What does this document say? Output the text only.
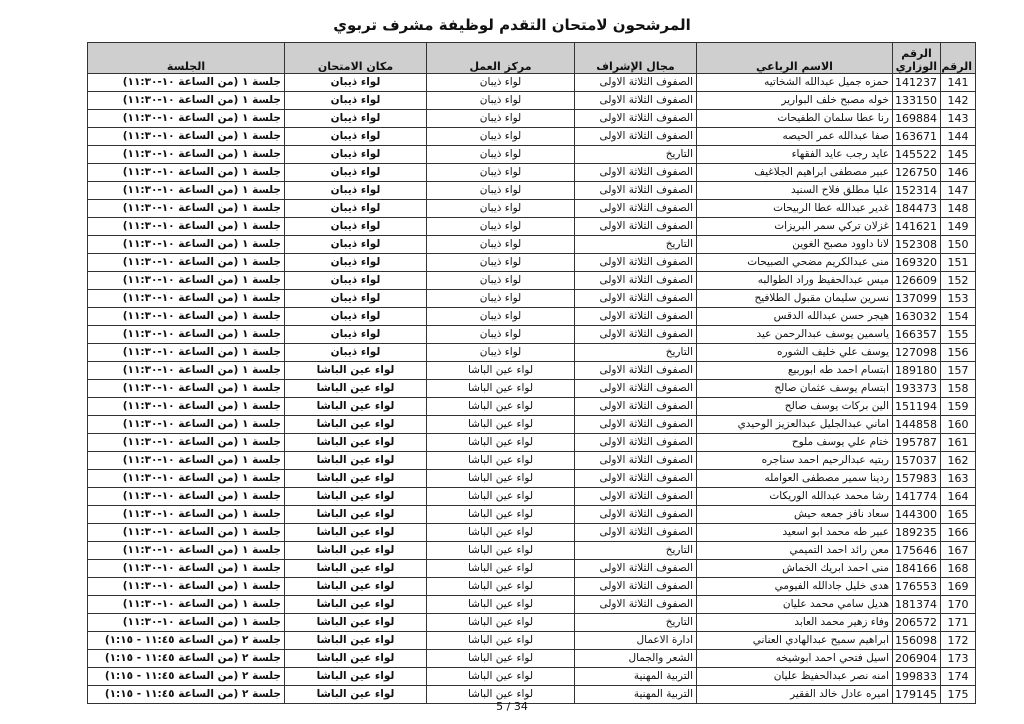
المرشحون لامتحان التقدم لوظيفة مشرف تربوي
الرقم	الرقم الوزاري	الاسم الرباعي	مجال الإشراف	مركز العمل	مكان الامتحان	الجلسة
141	141237	حمزه جميل عبدالله الشخاتيه	الصفوف الثلاثة الاولى	لواء ذيبان	لواء ذيبان	جلسة ١ (من الساعة ١٠-١١:٣٠)
142	133150	خوله مصبح خلف البوارير	الصفوف الثلاثة الاولى	لواء ذيبان	لواء ذيبان	جلسة ١ (من الساعة ١٠-١١:٣٠)
143	169884	رنا عطا سلمان الطفيحات	الصفوف الثلاثة الاولى	لواء ذيبان	لواء ذيبان	جلسة ١ (من الساعة ١٠-١١:٣٠)
144	163671	صفا عبدالله عمر الحيصه	الصفوف الثلاثة الاولى	لواء ذيبان	لواء ذيبان	جلسة ١ (من الساعة ١٠-١١:٣٠)
145	145522	عايد رجب عايد الفقهاء	التاريخ	لواء ذيبان	لواء ذيبان	جلسة ١ (من الساعة ١٠-١١:٣٠)
146	126750	عبير مصطفى ابراهيم الجلاغيف	الصفوف الثلاثة الاولى	لواء ذيبان	لواء ذيبان	جلسة ١ (من الساعة ١٠-١١:٣٠)
147	152314	عليا مطلق فلاح السنيد	الصفوف الثلاثة الاولى	لواء ذيبان	لواء ذيبان	جلسة ١ (من الساعة ١٠-١١:٣٠)
148	184473	غدير عبدالله عطا الربيحات	الصفوف الثلاثة الاولى	لواء ذيبان	لواء ذيبان	جلسة ١ (من الساعة ١٠-١١:٣٠)
149	141621	غزلان تركي سمر البريزات	الصفوف الثلاثة الاولى	لواء ذيبان	لواء ذيبان	جلسة ١ (من الساعة ١٠-١١:٣٠)
150	152308	لانا داوود مصبح الغوين	التاريخ	لواء ذيبان	لواء ذيبان	جلسة ١ (من الساعة ١٠-١١:٣٠)
151	169320	منى عبدالكريم مضحي الصبيحات	الصفوف الثلاثة الاولى	لواء ذيبان	لواء ذيبان	جلسة ١ (من الساعة ١٠-١١:٣٠)
152	126609	ميس عبدالحفيظ وراد الطوالبه	الصفوف الثلاثة الاولى	لواء ذيبان	لواء ذيبان	جلسة ١ (من الساعة ١٠-١١:٣٠)
153	137099	نسرين سليمان مقبول الطلافيح	الصفوف الثلاثة الاولى	لواء ذيبان	لواء ذيبان	جلسة ١ (من الساعة ١٠-١١:٣٠)
154	163032	هيجر حسن عبدالله الدقس	الصفوف الثلاثة الاولى	لواء ذيبان	لواء ذيبان	جلسة ١ (من الساعة ١٠-١١:٣٠)
155	166357	ياسمين يوسف عبدالرحمن عيد	الصفوف الثلاثة الاولى	لواء ذيبان	لواء ذيبان	جلسة ١ (من الساعة ١٠-١١:٣٠)
156	127098	يوسف علي خليف الشوره	التاريخ	لواء ذيبان	لواء ذيبان	جلسة ١ (من الساعة ١٠-١١:٣٠)
157	189180	ابتسام احمد طه ابوربيع	الصفوف الثلاثة الاولى	لواء عين الباشا	لواء عين الباشا	جلسة ١ (من الساعة ١٠-١١:٣٠)
158	193373	ابتسام يوسف عثمان صالح	الصفوف الثلاثة الاولى	لواء عين الباشا	لواء عين الباشا	جلسة ١ (من الساعة ١٠-١١:٣٠)
159	151194	الين بركات يوسف صالح	الصفوف الثلاثة الاولى	لواء عين الباشا	لواء عين الباشا	جلسة ١ (من الساعة ١٠-١١:٣٠)
160	144858	اماني عبدالجليل عبدالعزيز الوحيدي	الصفوف الثلاثة الاولى	لواء عين الباشا	لواء عين الباشا	جلسة ١ (من الساعة ١٠-١١:٣٠)
161	195787	ختام علي يوسف ملوح	الصفوف الثلاثة الاولى	لواء عين الباشا	لواء عين الباشا	جلسة ١ (من الساعة ١٠-١١:٣٠)
162	157037	ربتيه عبدالرحيم احمد سناجره	الصفوف الثلاثة الاولى	لواء عين الباشا	لواء عين الباشا	جلسة ١ (من الساعة ١٠-١١:٣٠)
163	157983	ردينا سمير مصطفى العوامله	الصفوف الثلاثة الاولى	لواء عين الباشا	لواء عين الباشا	جلسة ١ (من الساعة ١٠-١١:٣٠)
164	141774	رشا محمد عبدالله الوريكات	الصفوف الثلاثة الاولى	لواء عين الباشا	لواء عين الباشا	جلسة ١ (من الساعة ١٠-١١:٣٠)
165	144300	سعاد نافز جمعه حيش	الصفوف الثلاثة الاولى	لواء عين الباشا	لواء عين الباشا	جلسة ١ (من الساعة ١٠-١١:٣٠)
166	189235	عبير طه محمد ابو اسعيد	الصفوف الثلاثة الاولى	لواء عين الباشا	لواء عين الباشا	جلسة ١ (من الساعة ١٠-١١:٣٠)
167	175646	معن رائد احمد التميمي	التاريخ	لواء عين الباشا	لواء عين الباشا	جلسة ١ (من الساعة ١٠-١١:٣٠)
168	184166	منى احمد ابريك الخماش	الصفوف الثلاثة الاولى	لواء عين الباشا	لواء عين الباشا	جلسة ١ (من الساعة ١٠-١١:٣٠)
169	176553	هدى خليل جادالله الفيومي	الصفوف الثلاثة الاولى	لواء عين الباشا	لواء عين الباشا	جلسة ١ (من الساعة ١٠-١١:٣٠)
170	181374	هديل سامي محمد عليان	الصفوف الثلاثة الاولى	لواء عين الباشا	لواء عين الباشا	جلسة ١ (من الساعة ١٠-١١:٣٠)
171	206572	وفاء زهير محمد العابد	التاريخ	لواء عين الباشا	لواء عين الباشا	جلسة ١ (من الساعة ١٠-١١:٣٠)
172	156098	ابراهيم سميح عبدالهادي العناني	ادارة الاعمال	لواء عين الباشا	لواء عين الباشا	جلسة ٢ (من الساعة ١١:٤٥ - ١:١٥)
173	206904	اسيل فتحي احمد ابوشيخه	الشعر والجمال	لواء عين الباشا	لواء عين الباشا	جلسة ٢ (من الساعة ١١:٤٥ - ١:١٥)
174	199833	امنه نصر عبدالحفيظ عليان	التربية المهنية	لواء عين الباشا	لواء عين الباشا	جلسة ٢ (من الساعة ١١:٤٥ - ١:١٥)
175	179145	اميره عادل خالد الفقير	التربية المهنية	لواء عين الباشا	لواء عين الباشا	جلسة ٢ (من الساعة ١١:٤٥ - ١:١٥)
5 / 34
